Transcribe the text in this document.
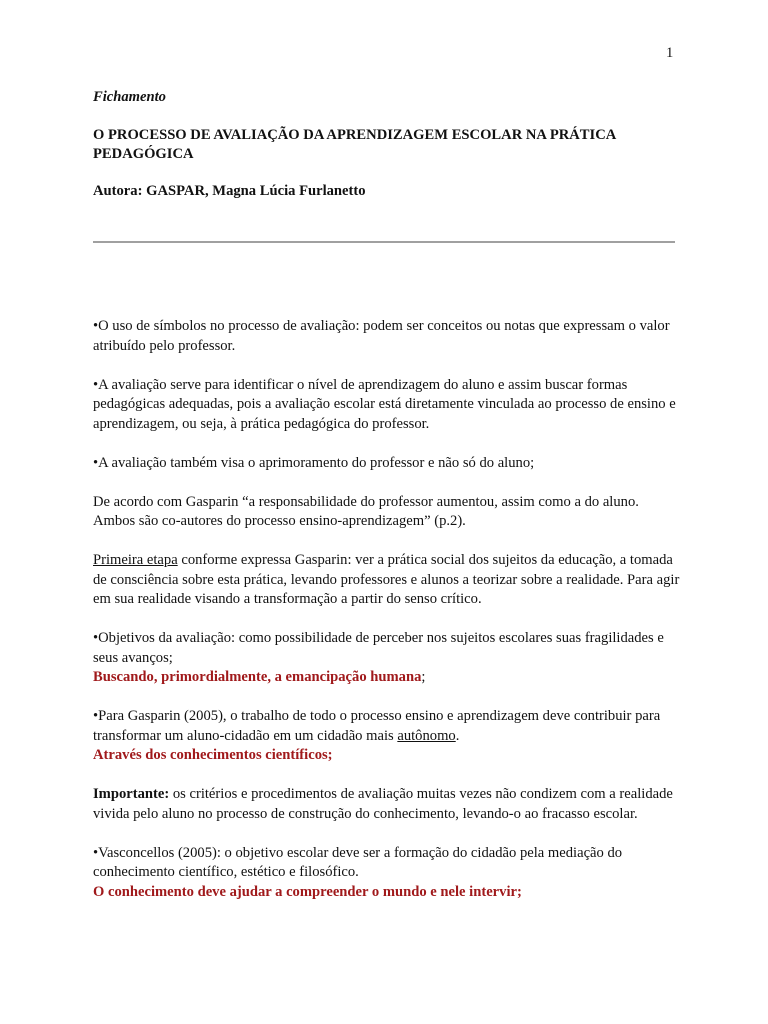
1

Fichamento

O PROCESSO DE AVALIAÇÃO DA APRENDIZAGEM ESCOLAR NA PRÁTICA PEDAGÓGICA

Autora: GASPAR, Magna Lúcia Furlanetto

•O uso de símbolos no processo de avaliação: podem ser conceitos ou notas que expressam o valor atribuído pelo professor.

•A avaliação serve para identificar o nível de aprendizagem do aluno e assim buscar formas pedagógicas adequadas, pois a avaliação escolar está diretamente vinculada ao processo de ensino e aprendizagem, ou seja, à prática pedagógica do professor.

•A avaliação também visa o aprimoramento do professor e não só do aluno;

De acordo com Gasparin “a responsabilidade do professor aumentou, assim como a do aluno. Ambos são co-autores do processo ensino-aprendizagem” (p.2).

Primeira etapa conforme expressa Gasparin: ver a prática social dos sujeitos da educação, a tomada de consciência sobre esta prática, levando professores e alunos a teorizar sobre a realidade. Para agir em sua realidade visando a transformação a partir do senso crítico.

•Objetivos da avaliação: como possibilidade de perceber nos sujeitos escolares suas fragilidades e seus avanços;
Buscando, primordialmente, a emancipação humana;

•Para Gasparin (2005), o trabalho de todo o processo ensino e aprendizagem deve contribuir para transformar um aluno-cidadão em um cidadão mais autônomo.
Através dos conhecimentos científicos;

Importante: os critérios e procedimentos de avaliação muitas vezes não condizem com a realidade vivida pelo aluno no processo de construção do conhecimento, levando-o ao fracasso escolar.

•Vasconcellos (2005): o objetivo escolar deve ser a formação do cidadão pela mediação do conhecimento científico, estético e filosófico.
O conhecimento deve ajudar a compreender o mundo e nele intervir;
